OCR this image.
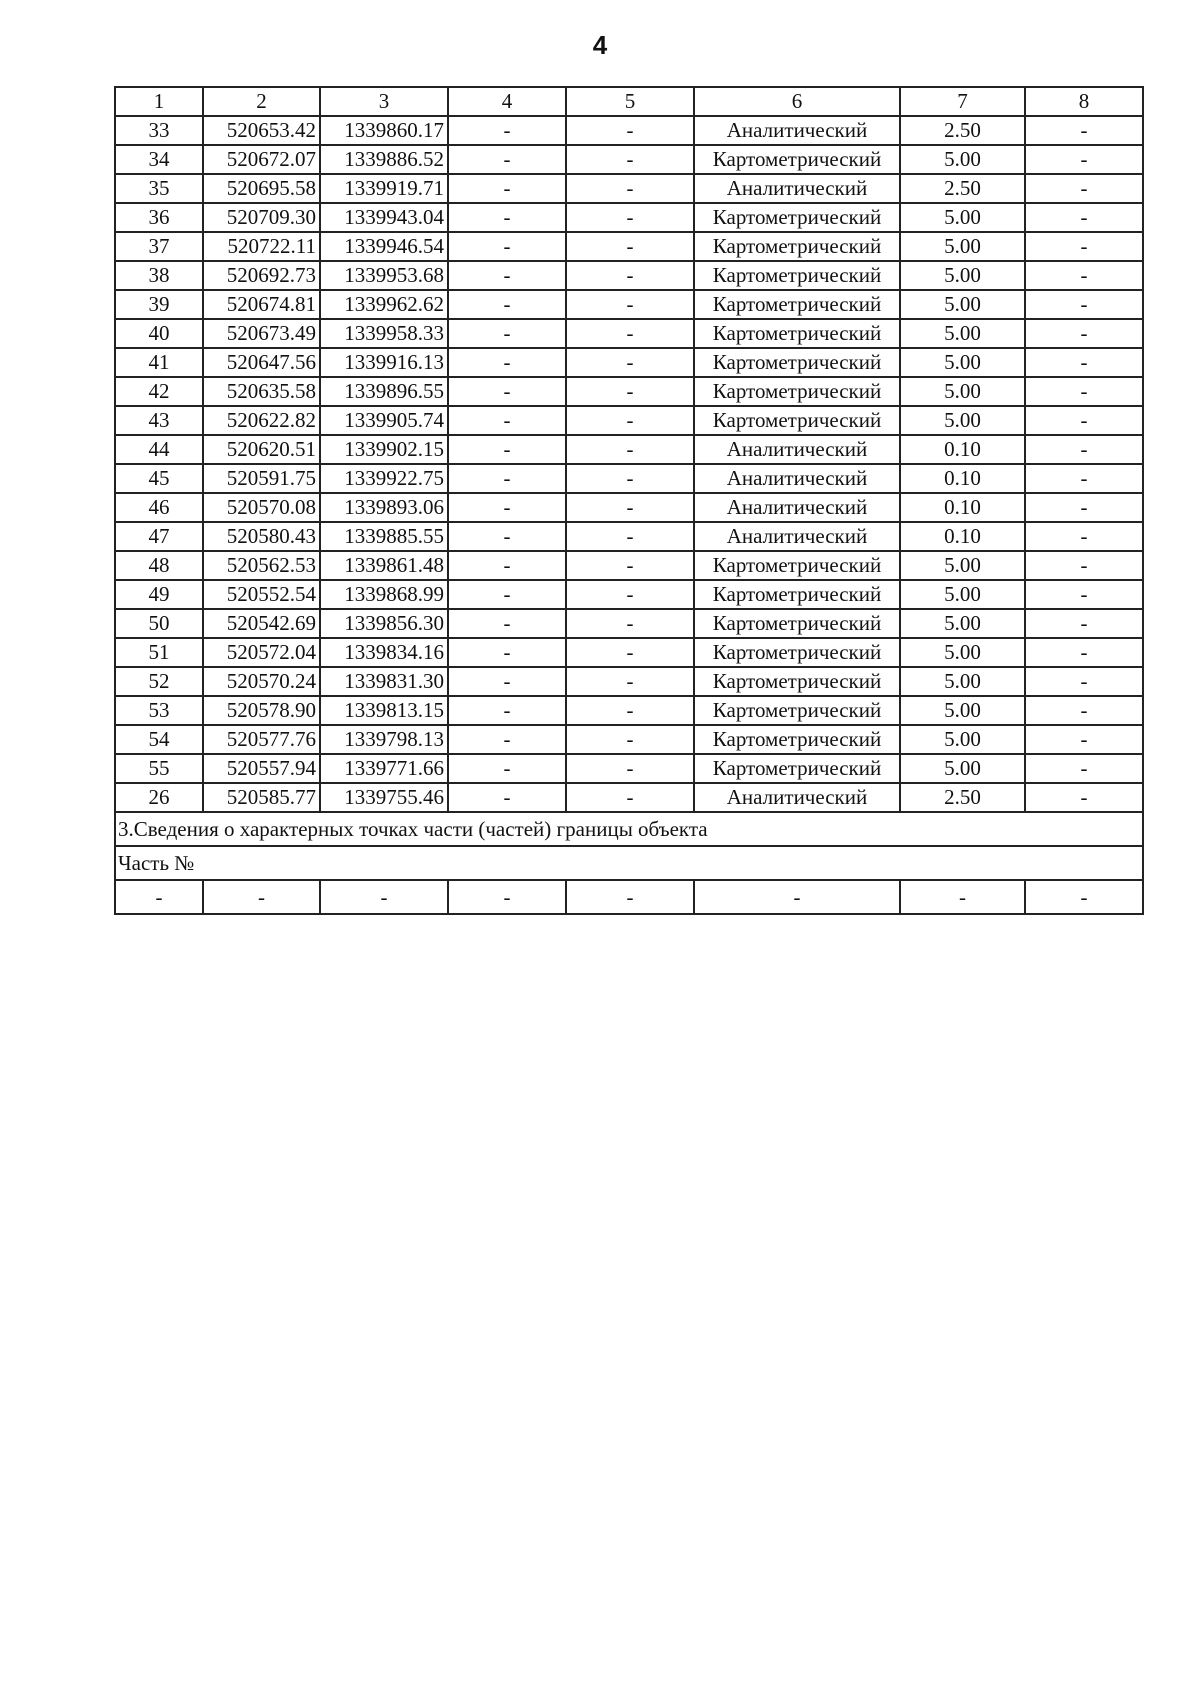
4
1	2	3	4	5	6	7	8
33	520653.42	1339860.17	-	-	Аналитический	2.50	-
34	520672.07	1339886.52	-	-	Картометрический	5.00	-
35	520695.58	1339919.71	-	-	Аналитический	2.50	-
36	520709.30	1339943.04	-	-	Картометрический	5.00	-
37	520722.11	1339946.54	-	-	Картометрический	5.00	-
38	520692.73	1339953.68	-	-	Картометрический	5.00	-
39	520674.81	1339962.62	-	-	Картометрический	5.00	-
40	520673.49	1339958.33	-	-	Картометрический	5.00	-
41	520647.56	1339916.13	-	-	Картометрический	5.00	-
42	520635.58	1339896.55	-	-	Картометрический	5.00	-
43	520622.82	1339905.74	-	-	Картометрический	5.00	-
44	520620.51	1339902.15	-	-	Аналитический	0.10	-
45	520591.75	1339922.75	-	-	Аналитический	0.10	-
46	520570.08	1339893.06	-	-	Аналитический	0.10	-
47	520580.43	1339885.55	-	-	Аналитический	0.10	-
48	520562.53	1339861.48	-	-	Картометрический	5.00	-
49	520552.54	1339868.99	-	-	Картометрический	5.00	-
50	520542.69	1339856.30	-	-	Картометрический	5.00	-
51	520572.04	1339834.16	-	-	Картометрический	5.00	-
52	520570.24	1339831.30	-	-	Картометрический	5.00	-
53	520578.90	1339813.15	-	-	Картометрический	5.00	-
54	520577.76	1339798.13	-	-	Картометрический	5.00	-
55	520557.94	1339771.66	-	-	Картометрический	5.00	-
26	520585.77	1339755.46	-	-	Аналитический	2.50	-
3.Сведения о характерных точках части (частей) границы объекта							
Часть №							
-	-	-	-	-	-	-	-
